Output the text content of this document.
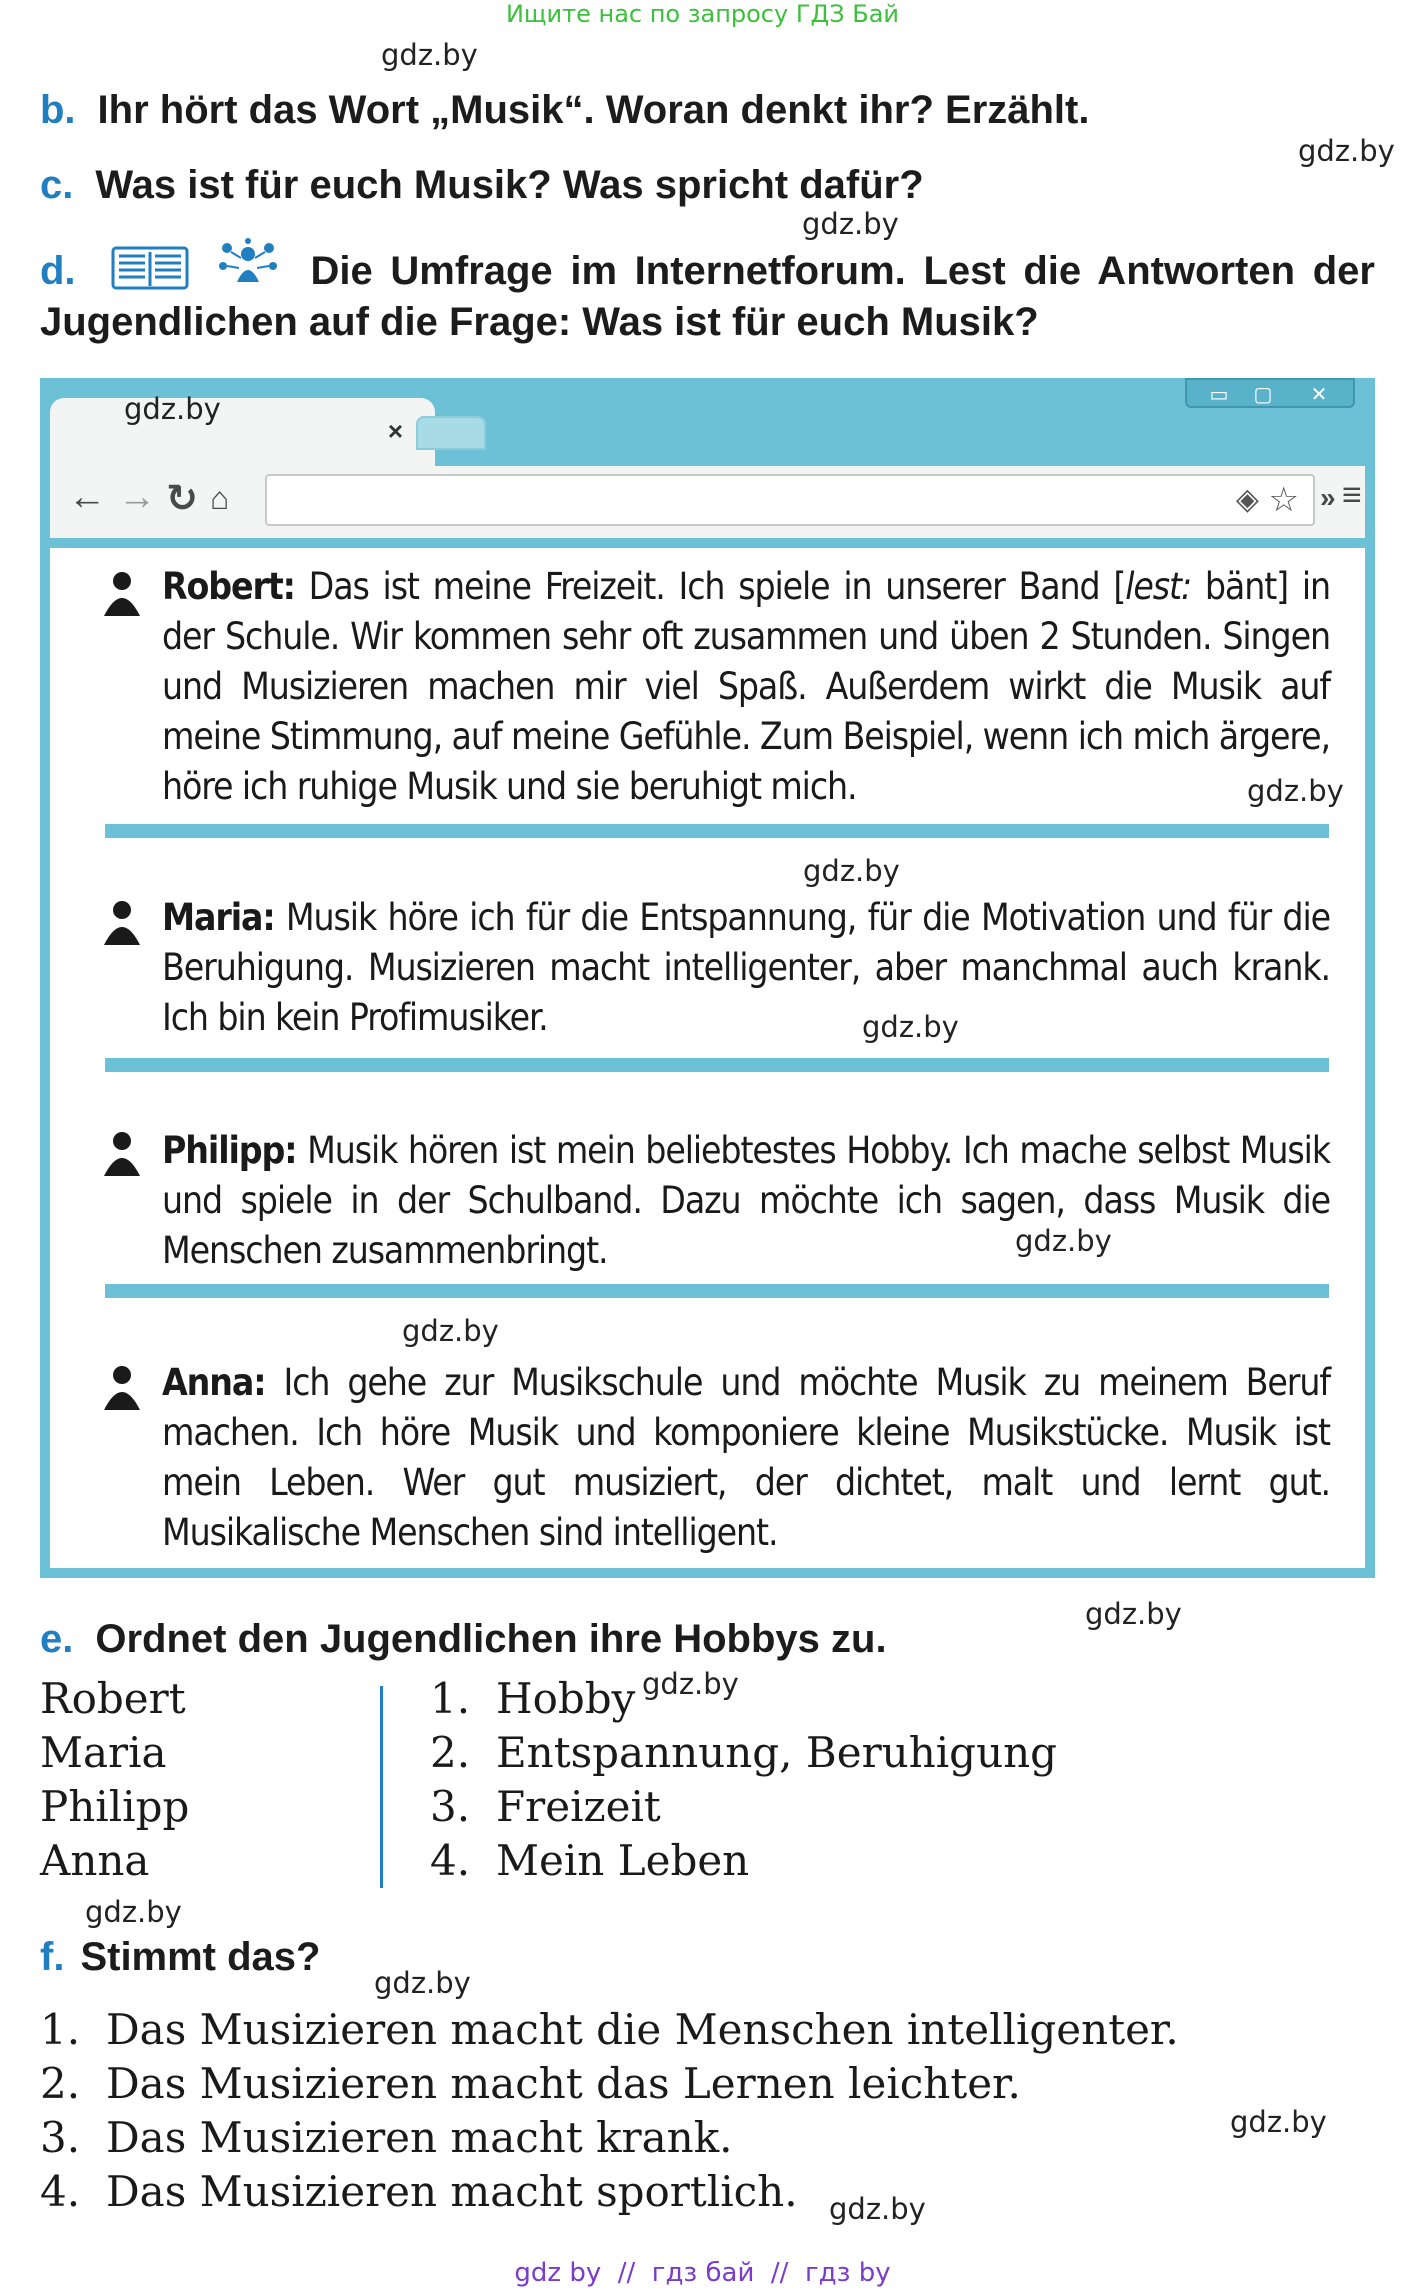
Ищите нас по запросу ГДЗ Бай
gdz.by
gdz.by
gdz.by
gdz.by
gdz.by
gdz.by
gdz.by
gdz.by
gdz.by
b. Ihr hört das Wort „Musik“. Woran denkt ihr? Erzählt.
c. Was ist für euch Musik? Was spricht dafür?
d.	Die Umfrage im Internetforum. Lest die Antworten der Jugendlichen auf die Frage: Was ist für euch Musik?
×
gdz.by	▭	▢	✕
← → ↻ ⌂	◈ ☆ » ≡
Robert: Das ist meine Freizeit. Ich spiele in unserer Band [lest: bänt] in der Schule. Wir kommen sehr oft zusammen und üben 2 Stunden. Singen und Musizieren machen mir viel Spaß. Außerdem wirkt die Musik auf meine Stimmung, auf meine Gefühle. Zum Beispiel, wenn ich mich ärgere, höre ich ruhige Musik und sie beruhigt mich.	gdz.by
gdz.by
Maria: Musik höre ich für die Entspannung, für die Motivation und für die Beruhigung. Musizieren macht intelligenter, aber manchmal auch krank. Ich bin kein Profimusiker.	gdz.by
Philipp: Musik hören ist mein beliebtestes Hobby. Ich mache selbst Musik und spiele in der Schulband. Dazu möchte ich sagen, dass Musik die Menschen zusammenbringt.	gdz.by
gdz.by
Anna: Ich gehe zur Musikschule und möchte Musik zu meinem Beruf machen. Ich höre Musik und komponiere kleine Musikstücke. Musik ist mein Leben. Wer gut musiziert, der dichtet, malt und lernt gut. Musikalische Menschen sind intelligent.
e. Ordnet den Jugendlichen ihre Hobbys zu.
Robert
Maria
Philipp
Anna
1. Hobby
2. Entspannung, Beruhigung
3. Freizeit
4. Mein Leben
f. Stimmt das?
1. Das Musizieren macht die Menschen intelligenter.
2. Das Musizieren macht das Lernen leichter.
3. Das Musizieren macht krank.
4. Das Musizieren macht sportlich.
gdz by  //  гдз бай  //  гдз by
